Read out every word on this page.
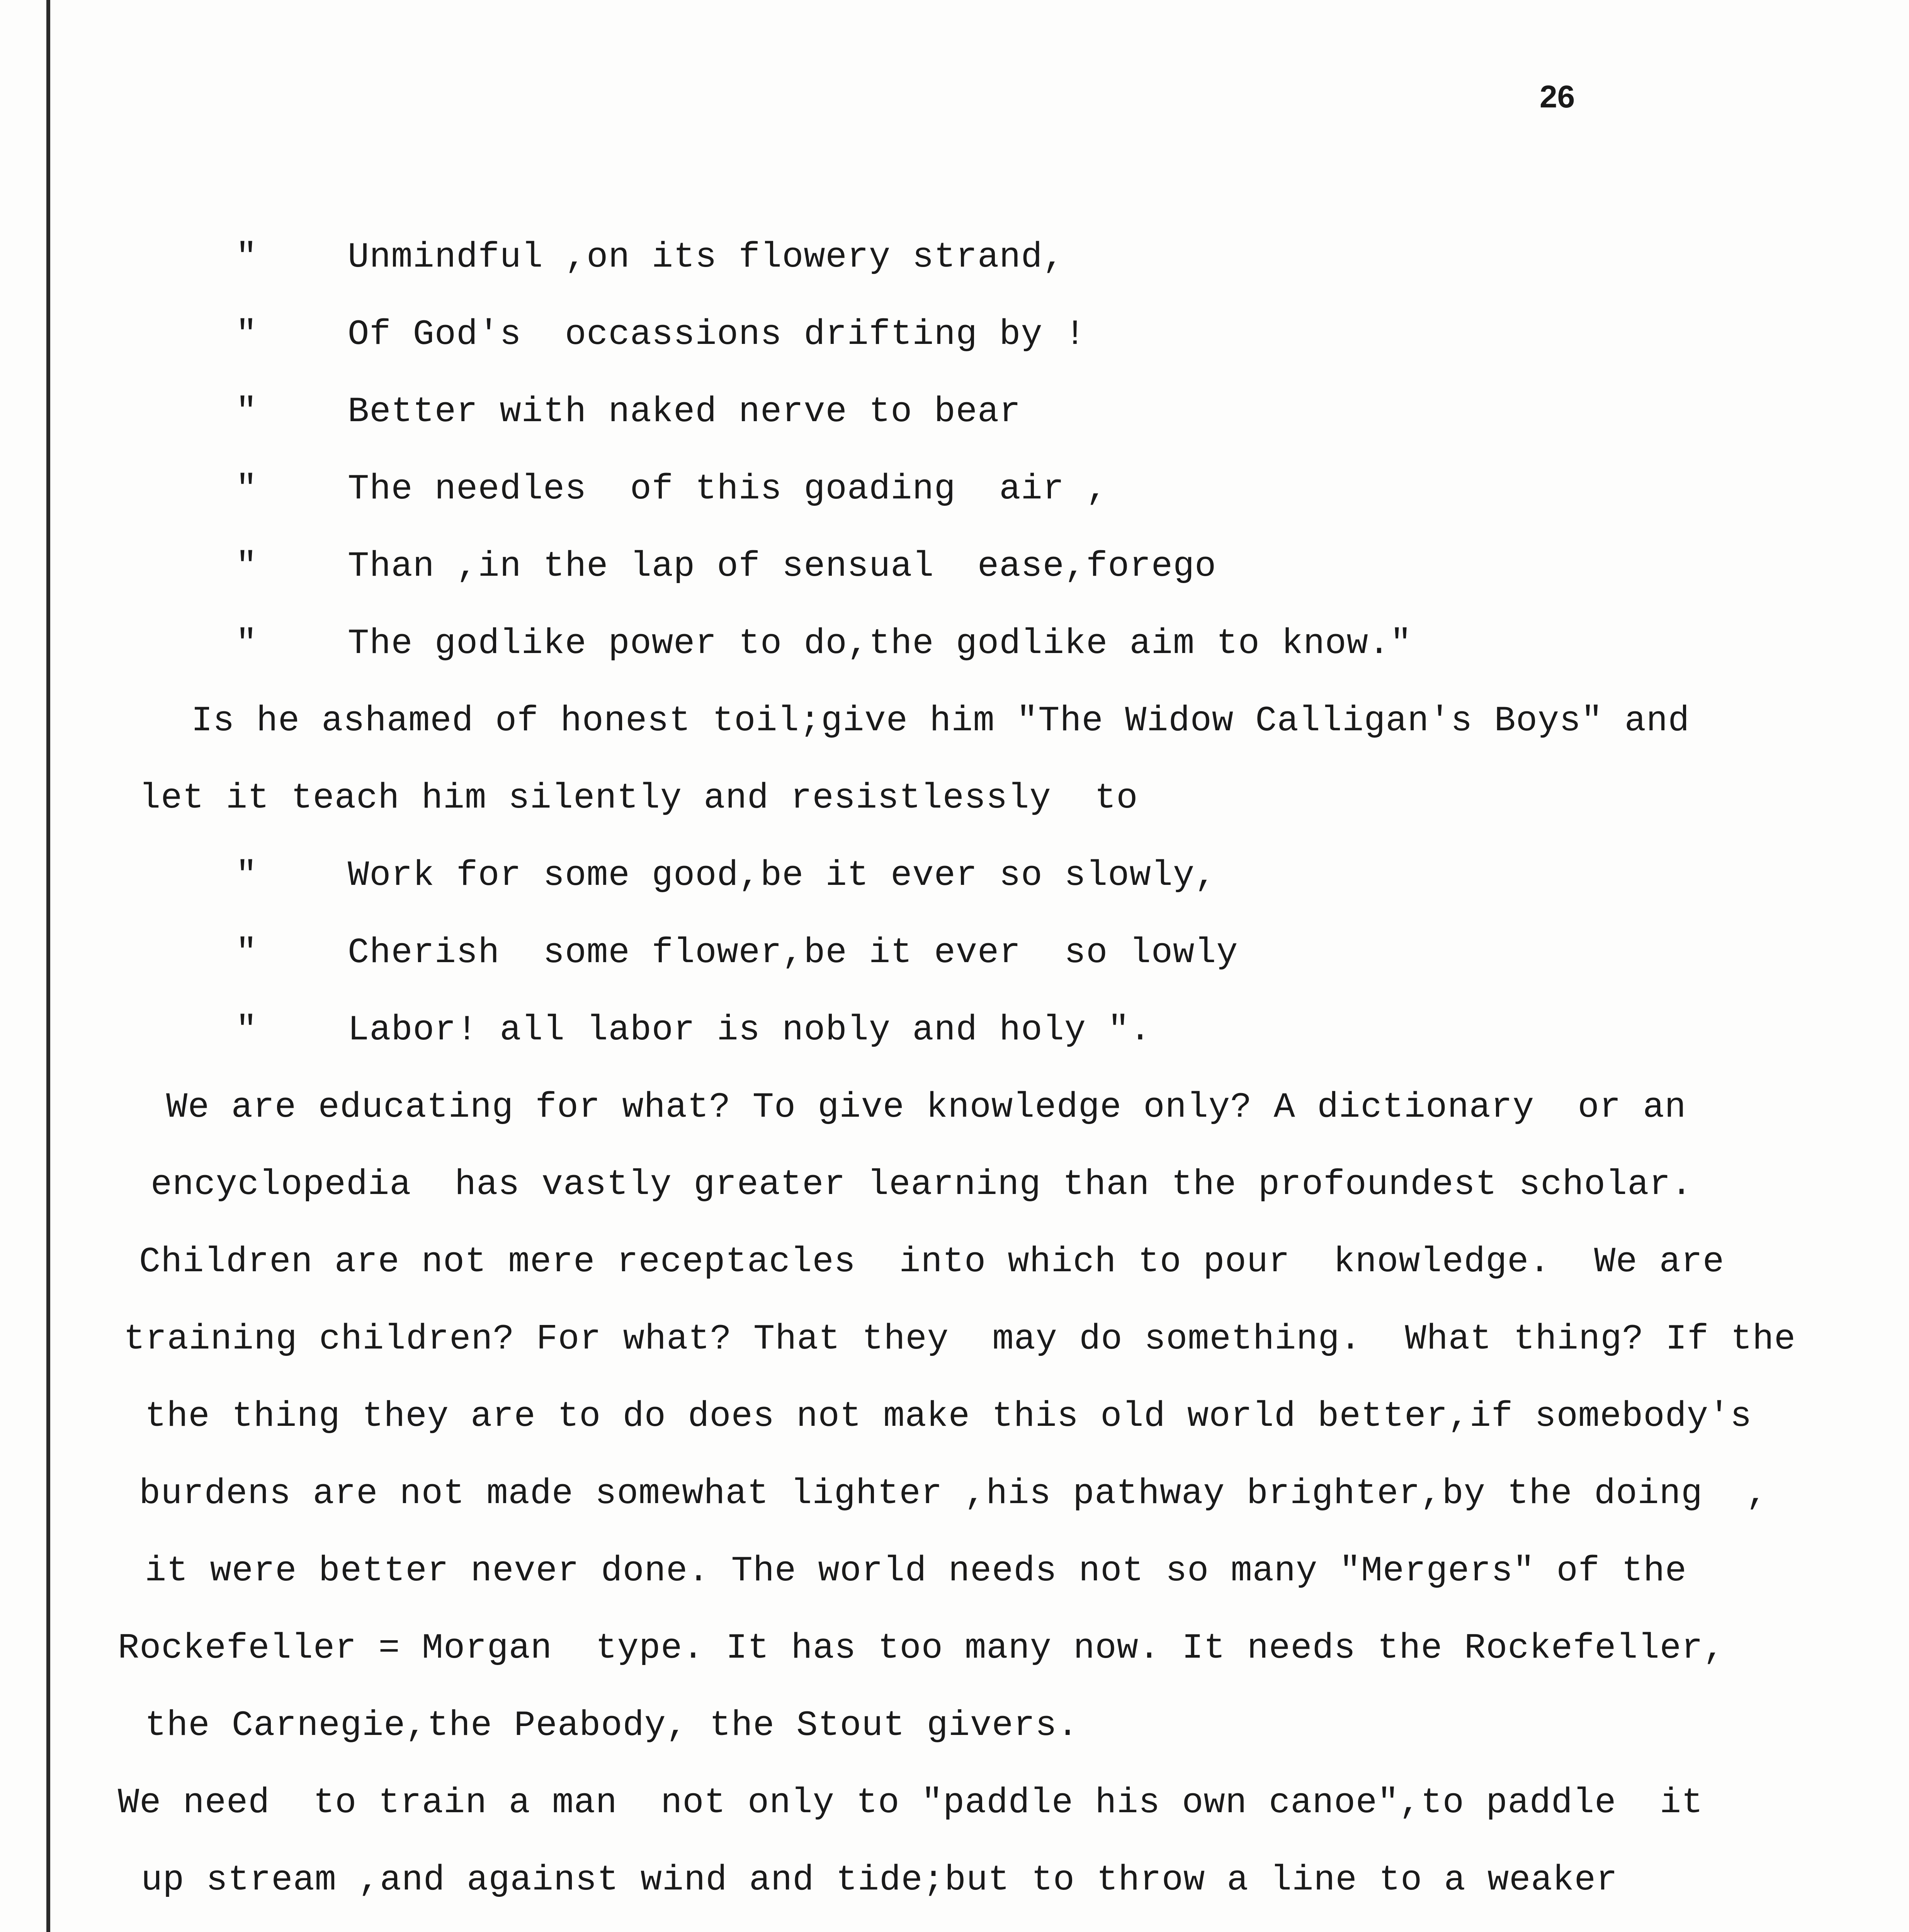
26

"

	Unmindful ,on its flowery strand,

"

	Of God's  occassions drifting by !

"

	Better with naked nerve to bear

"

	The needles  of this goading  air ,

"

	Than ,in the lap of sensual  ease,forego

"

	The godlike power to do,the godlike aim to know."

Is he ashamed of honest toil;give him "The Widow Calligan's Boys" and
let it teach him silently and resistlessly  to

"

	Work for some good,be it ever so slowly,

"

	Cherish  some flower,be it ever  so lowly

"

	Labor! all labor is nobly and holy ".

We are educating for what? To give knowledge only? A dictionary  or an
encyclopedia  has vastly greater learning than the profoundest scholar.
Children are not mere receptacles  into which to pour  knowledge.  We are
training children? For what? That they  may do something.  What thing? If the
the thing they are to do does not make this old world better,if somebody's
burdens are not made somewhat lighter ,his pathway brighter,by the doing  ,
it were better never done. The world needs not so many "Mergers" of the
Rockefeller = Morgan  type. It has too many now. It needs the Rockefeller,
the Carnegie,the Peabody, the Stout givers.
We need  to train a man  not only to "paddle his own canoe",to paddle  it
up stream ,and against wind and tide;but to throw a line to a weaker
